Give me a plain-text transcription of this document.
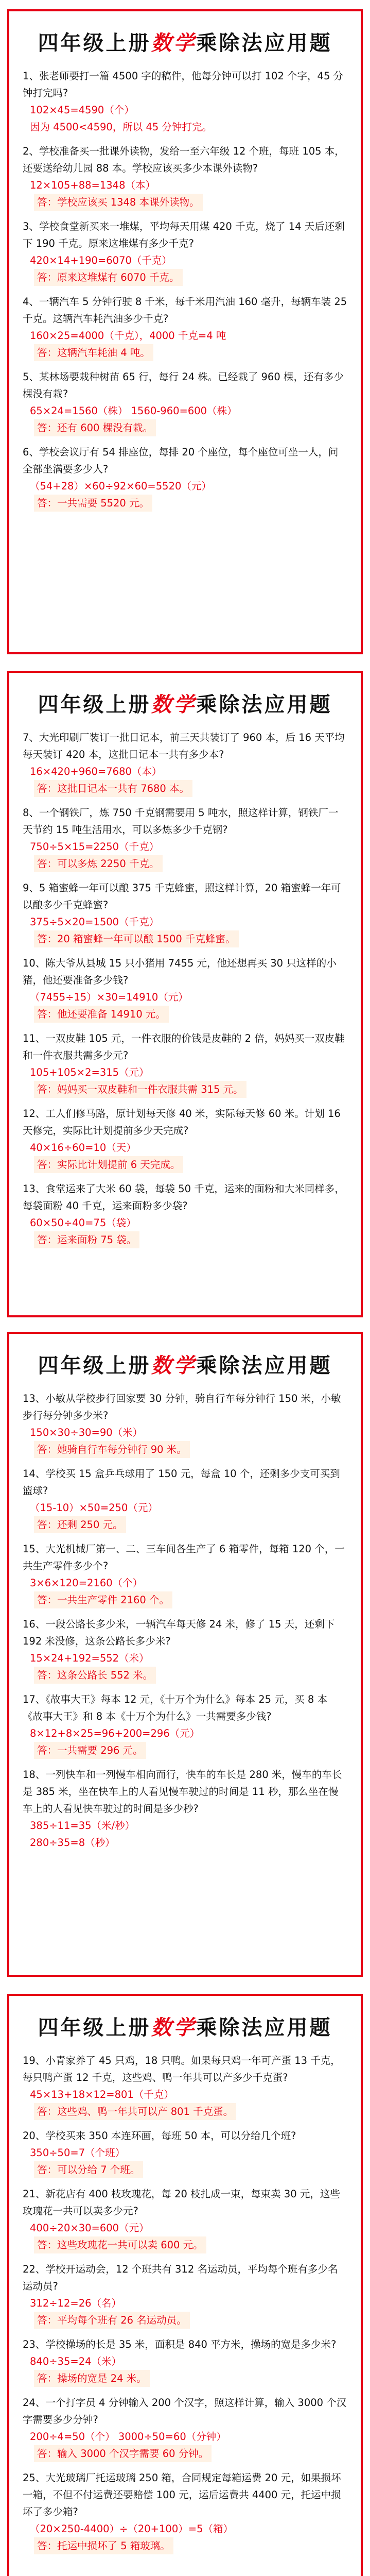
四年级上册数学乘除法应用题

1、张老师要打一篇 4500 字的稿件，他每分钟可以打 102 个字，45 分钟打完吗?

102×45=4590（个）

因为 4500<4590，所以 45 分钟打完。

2、学校准备买一批课外读物，发给一至六年级 12 个班，每班 105 本，还要送给幼儿园 88 本。学校应该买多少本课外读物?

12×105+88=1348（本）

答：学校应该买 1348 本课外读物。

3、学校食堂新买来一堆煤，平均每天用煤 420 千克，烧了 14 天后还剩下 190 千克。原来这堆煤有多少千克?

420×14+190=6070（千克）

答：原来这堆煤有 6070 千克。

4、一辆汽车 5 分钟行驶 8 千米，每千米用汽油 160 毫升，每辆车装 25 千克。这辆汽车耗汽油多少千克?

160×25=4000（千克），4000 千克=4 吨

答：这辆汽车耗油 4 吨。

5、某林场要栽种树苗 65 行，每行 24 株。已经栽了 960 棵，还有多少棵没有栽?

65×24=1560（株） 1560-960=600（株）

答：还有 600 棵没有栽。

6、学校会议厅有 54 排座位，每排 20 个座位，每个座位可坐一人，问全部坐满要多少人?

（54+28）×60÷92×60=5520（元）

答：一共需要 5520 元。
四年级上册数学乘除法应用题

7、大光印刷厂装订一批日记本，前三天共装订了 960 本，后 16 天平均每天装订 420 本，这批日记本一共有多少本?

16×420+960=7680（本）

答：这批日记本一共有 7680 本。

8、一个钢铁厂，炼 750 千克钢需要用 5 吨水，照这样计算，钢铁厂一天节约 15 吨生活用水，可以多炼多少千克钢?

750÷5×15=2250（千克）

答：可以多炼 2250 千克。

9、5 箱蜜蜂一年可以酿 375 千克蜂蜜，照这样计算，20 箱蜜蜂一年可以酿多少千克蜂蜜?

375÷5×20=1500（千克）

答：20 箱蜜蜂一年可以酿 1500 千克蜂蜜。

10、陈大爷从县城 15 只小猪用 7455 元，他还想再买 30 只这样的小猪，他还要准备多少钱?

（7455÷15）×30=14910（元）

答：他还要准备 14910 元。

11、一双皮鞋 105 元，一件衣服的价钱是皮鞋的 2 倍，妈妈买一双皮鞋和一件衣服共需多少元?

105+105×2=315（元）

答：妈妈买一双皮鞋和一件衣服共需 315 元。

12、工人们修马路，原计划每天修 40 米，实际每天修 60 米。计划 16 天修完，实际比计划提前多少天完成?

40×16÷60=10（天）

答：实际比计划提前 6 天完成。

13、食堂运来了大米 60 袋，每袋 50 千克，运来的面粉和大米同样多，每袋面粉 40 千克，运来面粉多少袋?

60×50÷40=75（袋）

答：运来面粉 75 袋。
四年级上册数学乘除法应用题

13、小敏从学校步行回家要 30 分钟，骑自行车每分钟行 150 米，小敏步行每分钟多少米?

150×30÷30=90（米）

答：她骑自行车每分钟行 90 米。

14、学校买 15 盒乒乓球用了 150 元，每盒 10 个，还剩多少支可买到篮球?

（15-10）×50=250（元）

答：还剩 250 元。

15、大光机械厂第一、二、三车间各生产了 6 箱零件，每箱 120 个，一共生产零件多少个?

3×6×120=2160（个）

答：一共生产零件 2160 个。

16、一段公路长多少米，一辆汽车每天修 24 米，修了 15 天，还剩下 192 米没修，这条公路长多少米?

15×24+192=552（米）

答：这条公路长 552 米。

17、《故事大王》每本 12 元，《十万个为什么》每本 25 元，买 8 本《故事大王》和 8 本《十万个为什么》一共需要多少钱?

8×12+8×25=96+200=296（元）

答：一共需要 296 元。

18、一列快车和一列慢车相向而行，快车的车长是 280 米，慢车的车长是 385 米，坐在快车上的人看见慢车驶过的时间是 11 秒，那么坐在慢车上的人看见快车驶过的时间是多少秒?

385÷11=35（米/秒）

280÷35=8（秒）

四年级上册数学乘除法应用题

19、小青家养了 45 只鸡，18 只鸭。如果每只鸡一年可产蛋 13 千克，每只鸭产蛋 12 千克，这些鸡、鸭一年共可以产多少千克蛋?

45×13+18×12=801（千克）

答：这些鸡、鸭一年共可以产 801 千克蛋。

20、学校买来 350 本连环画，每班 50 本，可以分给几个班?

350÷50=7（个班）

答：可以分给 7 个班。

21、新花店有 400 枝玫瑰花，每 20 枝扎成一束，每束卖 30 元，这些玫瑰花一共可以卖多少元?

400÷20×30=600（元）

答：这些玫瑰花一共可以卖 600 元。

22、学校开运动会，12 个班共有 312 名运动员，平均每个班有多少名运动员?

312÷12=26（名）

答：平均每个班有 26 名运动员。

23、学校操场的长是 35 米，面积是 840 平方米，操场的宽是多少米?

840÷35=24（米）

答：操场的宽是 24 米。

24、一个打字员 4 分钟输入 200 个汉字，照这样计算，输入 3000 个汉字需要多少分钟?

200÷4=50（个） 3000÷50=60（分钟）

答：输入 3000 个汉字需要 60 分钟。

25、大光玻璃厂托运玻璃 250 箱，合同规定每箱运费 20 元，如果损坏一箱，不但不付运费还要赔偿 100 元，运后运费共 4400 元，托运中损坏了多少箱?

（20×250-4400）÷（20+100）=5（箱）

答：托运中损坏了 5 箱玻璃。
